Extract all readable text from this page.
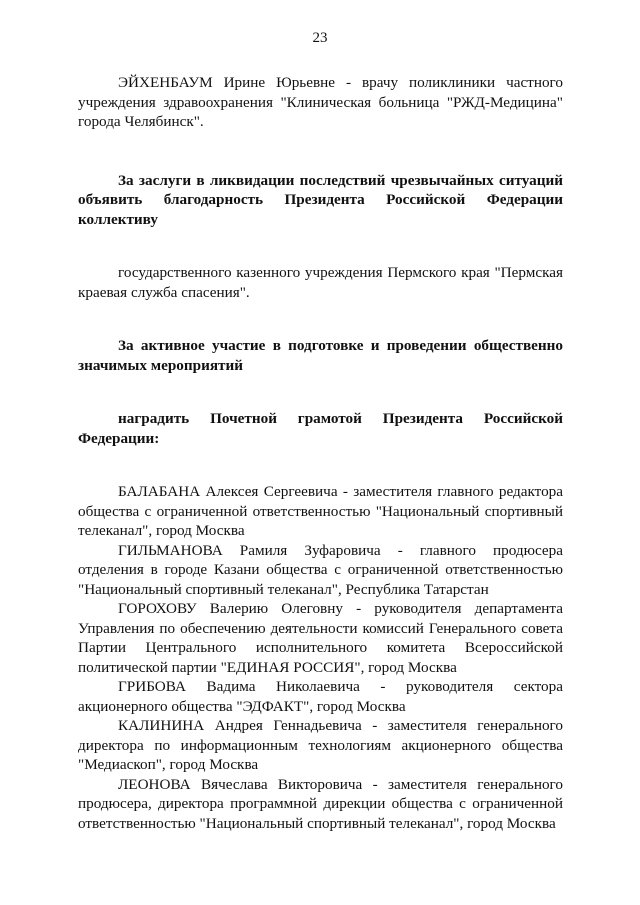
23

ЭЙХЕНБАУМ Ирине Юрьевне - врачу поликлиники частного учреждения здравоохранения "Клиническая больница "РЖД-Медицина" города Челябинск".

За заслуги в ликвидации последствий чрезвычайных ситуаций объявить благодарность Президента Российской Федерации коллективу

государственного казенного учреждения Пермского края "Пермская краевая служба спасения".

За активное участие в подготовке и проведении общественно значимых мероприятий

наградить Почетной грамотой Президента Российской Федерации:

БАЛАБАНА Алексея Сергеевича - заместителя главного редактора общества с ограниченной ответственностью "Национальный спортивный телеканал", город Москва

ГИЛЬМАНОВА Рамиля Зуфаровича - главного продюсера отделения в городе Казани общества с ограниченной ответственностью "Национальный спортивный телеканал", Республика Татарстан

ГОРОХОВУ Валерию Олеговну - руководителя департамента Управления по обеспечению деятельности комиссий Генерального совета Партии Центрального исполнительного комитета Всероссийской политической партии "ЕДИНАЯ РОССИЯ", город Москва

ГРИБОВА Вадима Николаевича - руководителя сектора акционерного общества "ЭДФАКТ", город Москва

КАЛИНИНА Андрея Геннадьевича - заместителя генерального директора по информационным технологиям акционерного общества "Медиаскоп", город Москва

ЛЕОНОВА Вячеслава Викторовича - заместителя генерального продюсера, директора программной дирекции общества с ограниченной ответственностью "Национальный спортивный телеканал", город Москва
